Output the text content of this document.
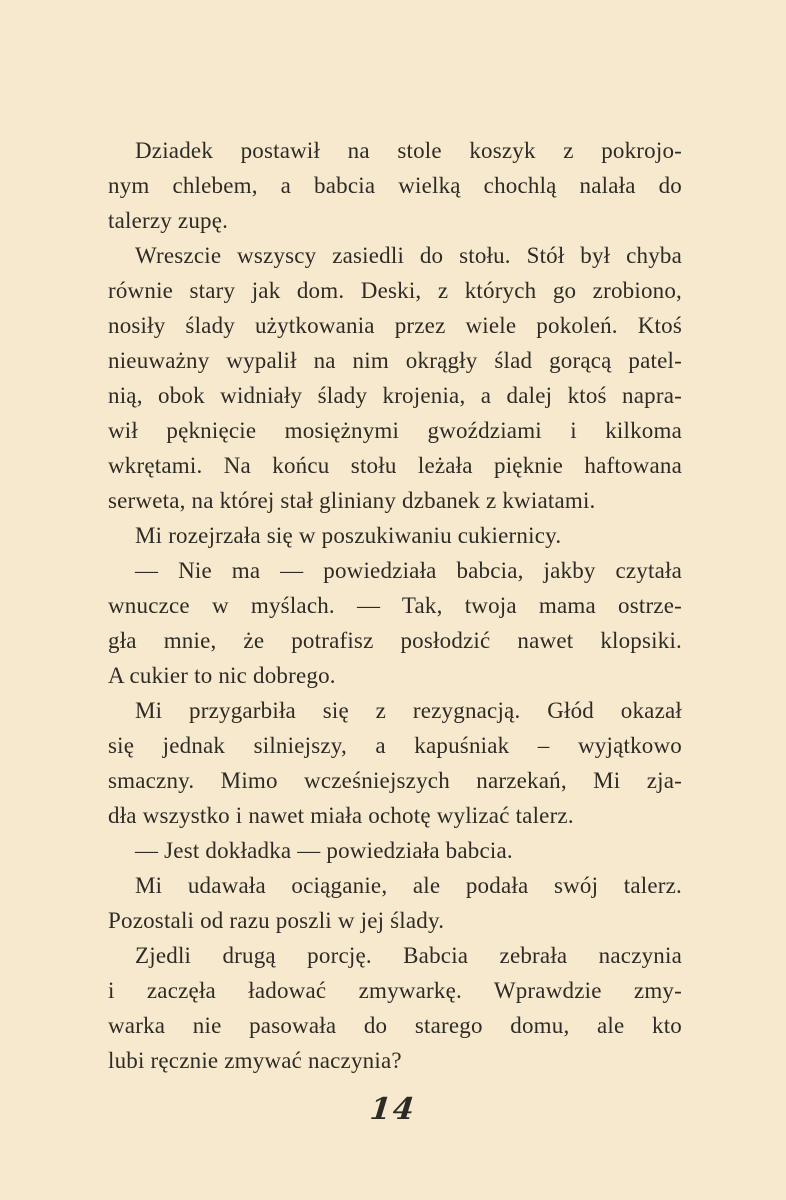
Dziadek postawił na stole koszyk z pokrojo-
nym chlebem, a babcia wielką chochlą nalała do
talerzy zupę.
Wreszcie wszyscy zasiedli do stołu. Stół był chyba
równie stary jak dom. Deski, z których go zrobiono,
nosiły ślady użytkowania przez wiele pokoleń. Ktoś
nieuważny wypalił na nim okrągły ślad gorącą patel-
nią, obok widniały ślady krojenia, a dalej ktoś napra-
wił pęknięcie mosiężnymi gwoździami i kilkoma
wkrętami. Na końcu stołu leżała pięknie haftowana
serweta, na której stał gliniany dzbanek z kwiatami.
Mi rozejrzała się w poszukiwaniu cukiernicy.
— Nie ma — powiedziała babcia, jakby czytała
wnuczce w myślach. — Tak, twoja mama ostrze-
gła mnie, że potrafisz posłodzić nawet klopsiki.
A cukier to nic dobrego.
Mi przygarbiła się z rezygnacją. Głód okazał
się jednak silniejszy, a kapuśniak – wyjątkowo
smaczny. Mimo wcześniejszych narzekań, Mi zja-
dła wszystko i nawet miała ochotę wylizać talerz.
— Jest dokładka — powiedziała babcia.
Mi udawała ociąganie, ale podała swój talerz.
Pozostali od razu poszli w jej ślady.
Zjedli drugą porcję. Babcia zebrała naczynia
i zaczęła ładować zmywarkę. Wprawdzie zmy-
warka nie pasowała do starego domu, ale kto
lubi ręcznie zmywać naczynia?
14
